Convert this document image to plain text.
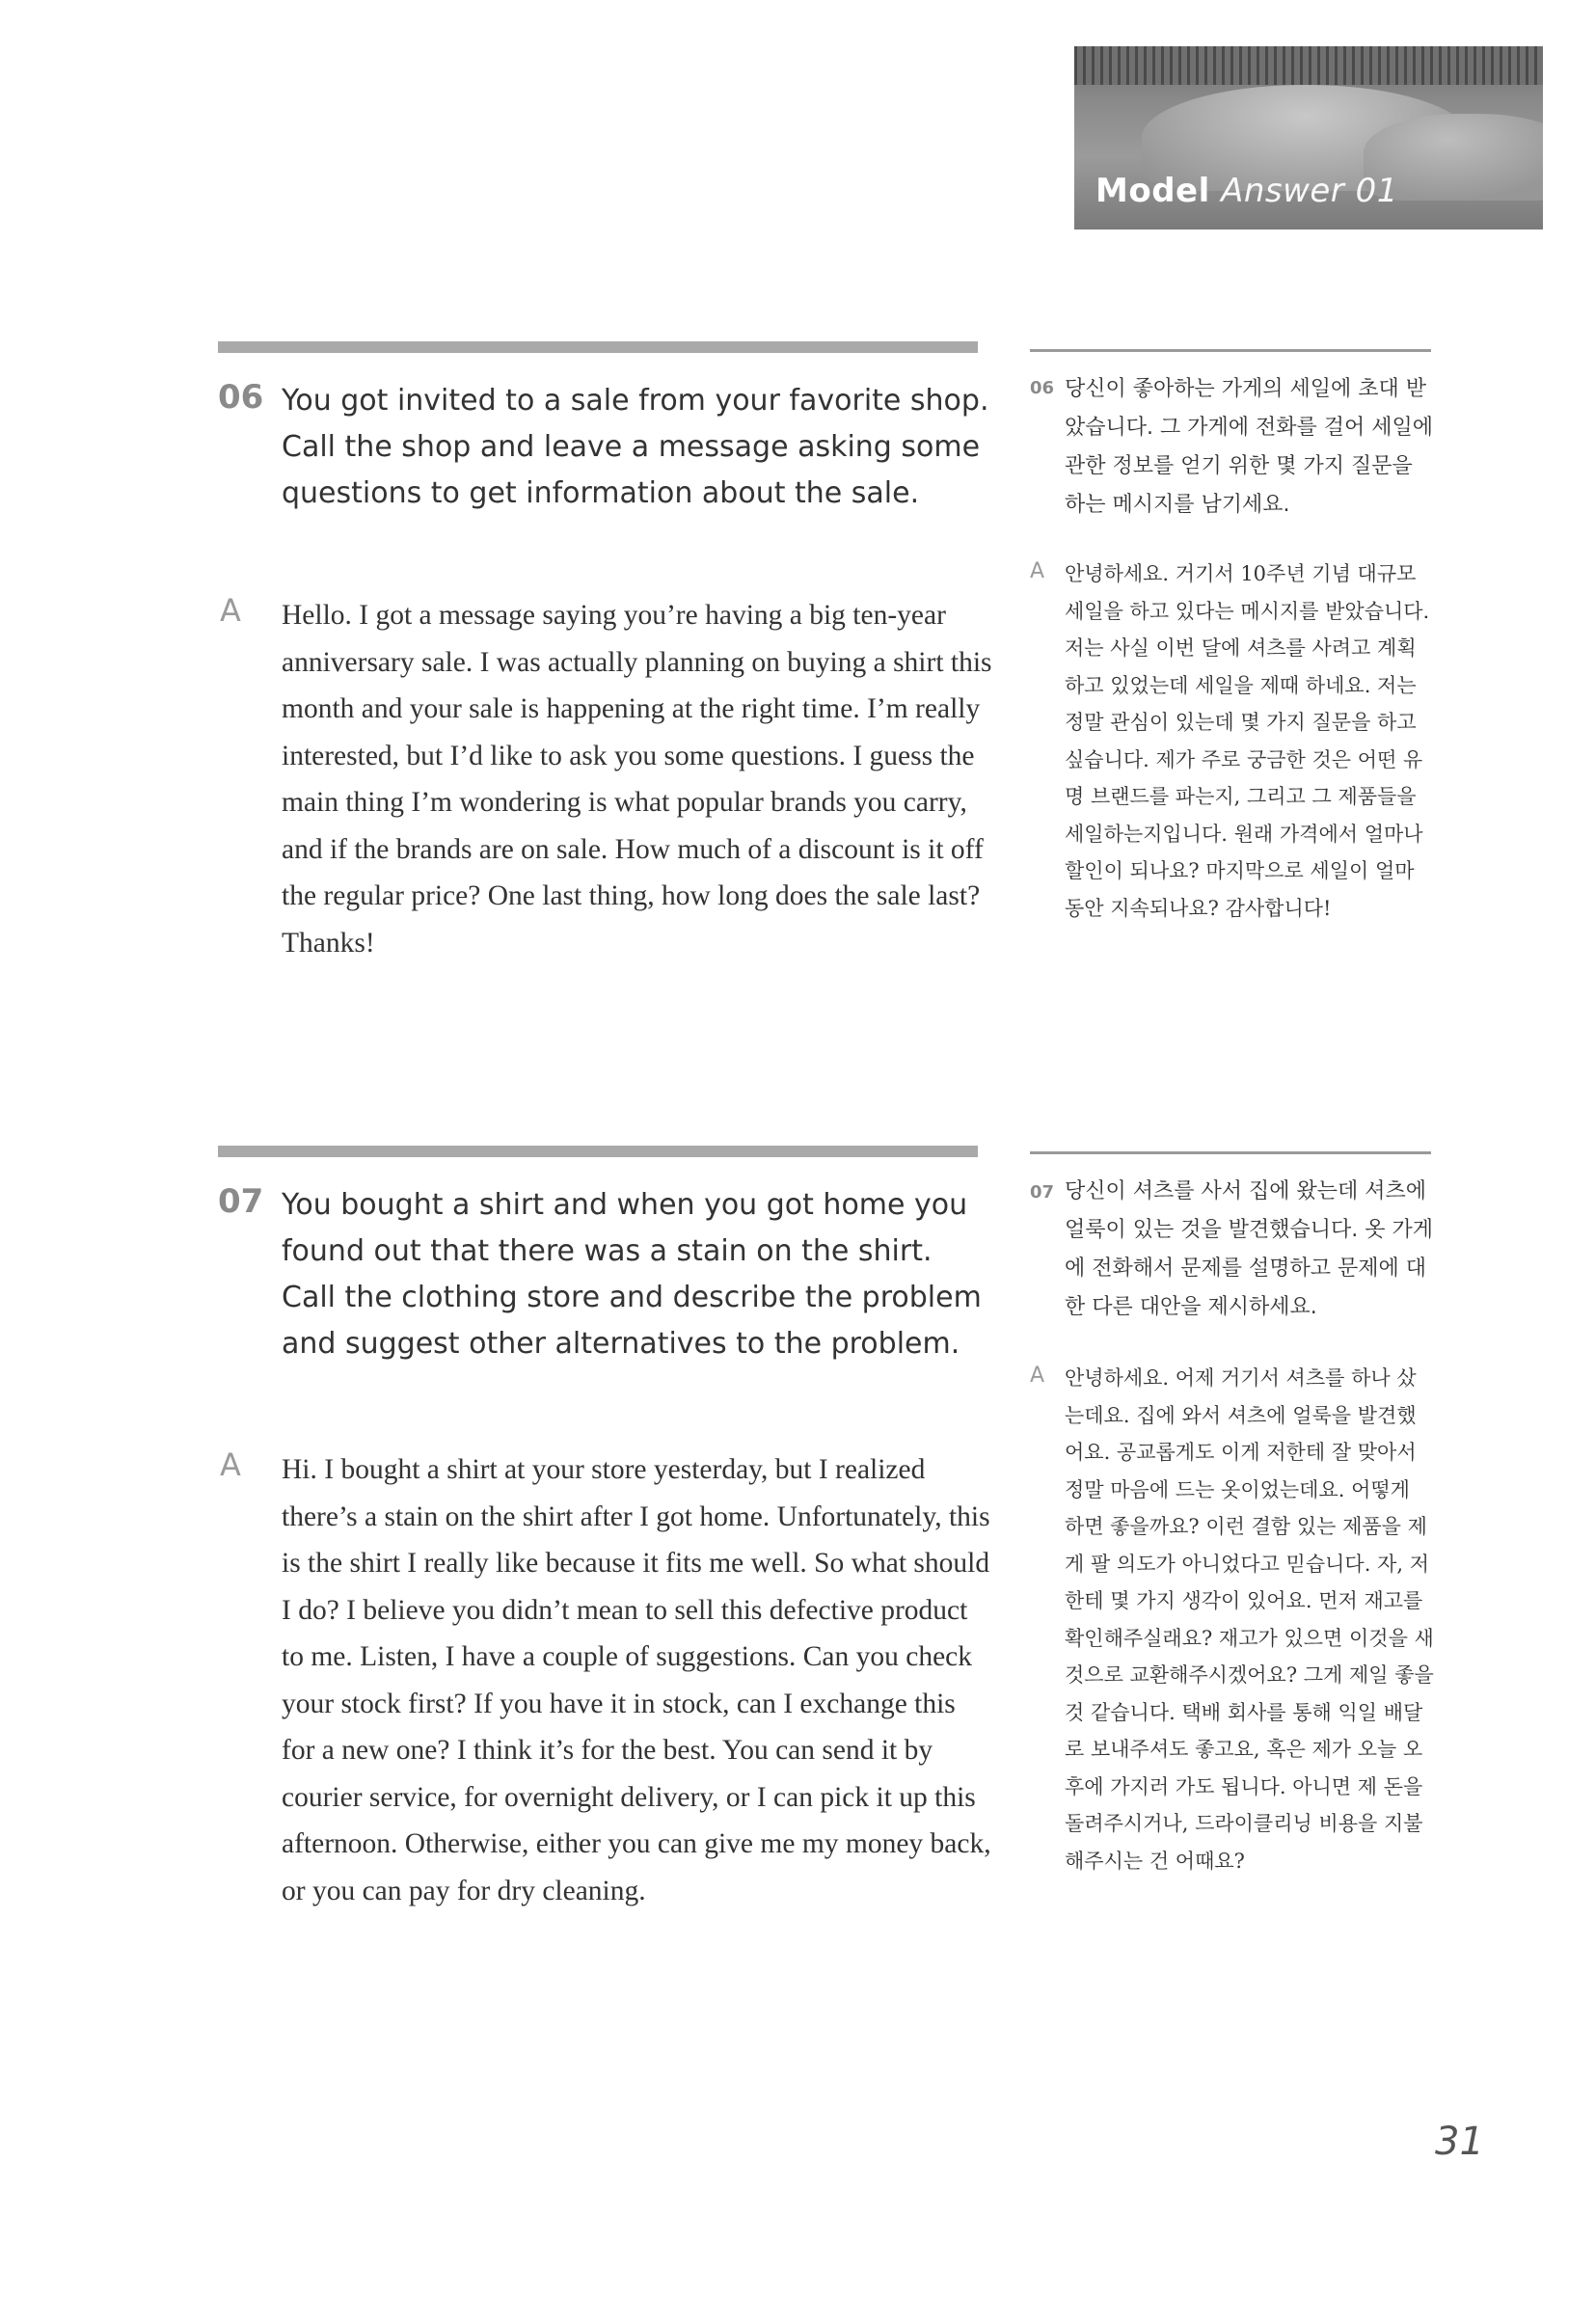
Model Answer 01
06 You got invited to a sale from your favorite shop. Call the shop and leave a message asking some questions to get information about the sale.
A Hello. I got a message saying you’re having a big ten-year anniversary sale. I was actually planning on buying a shirt this month and your sale is happening at the right time. I’m really interested, but I’d like to ask you some questions. I guess the main thing I’m wondering is what popular brands you carry, and if the brands are on sale. How much of a discount is it off the regular price? One last thing, how long does the sale last? Thanks!
06 당신이 좋아하는 가게의 세일에 초대 받았습니다. 그 가게에 전화를 걸어 세일에 관한 정보를 얻기 위한 몇 가지 질문을 하는 메시지를 남기세요.
A 안녕하세요. 거기서 10주년 기념 대규모 세일을 하고 있다는 메시지를 받았습니다. 저는 사실 이번 달에 셔츠를 사려고 계획하고 있었는데 세일을 제때 하네요. 저는 정말 관심이 있는데 몇 가지 질문을 하고 싶습니다. 제가 주로 궁금한 것은 어떤 유명 브랜드를 파는지, 그리고 그 제품들을 세일하는지입니다. 원래 가격에서 얼마나 할인이 되나요? 마지막으로 세일이 얼마 동안 지속되나요? 감사합니다!
07 You bought a shirt and when you got home you found out that there was a stain on the shirt. Call the clothing store and describe the problem and suggest other alternatives to the problem.
A Hi. I bought a shirt at your store yesterday, but I realized there’s a stain on the shirt after I got home. Unfortunately, this is the shirt I really like because it fits me well. So what should I do? I believe you didn’t mean to sell this defective product to me. Listen, I have a couple of suggestions. Can you check your stock first? If you have it in stock, can I exchange this for a new one? I think it’s for the best. You can send it by courier service, for overnight delivery, or I can pick it up this afternoon. Otherwise, either you can give me my money back, or you can pay for dry cleaning.
07 당신이 셔츠를 사서 집에 왔는데 셔츠에 얼룩이 있는 것을 발견했습니다. 옷 가게에 전화해서 문제를 설명하고 문제에 대한 다른 대안을 제시하세요.
A 안녕하세요. 어제 거기서 셔츠를 하나 샀는데요. 집에 와서 셔츠에 얼룩을 발견했어요. 공교롭게도 이게 저한테 잘 맞아서 정말 마음에 드는 옷이었는데요. 어떻게 하면 좋을까요? 이런 결함 있는 제품을 제게 팔 의도가 아니었다고 믿습니다. 자, 저한테 몇 가지 생각이 있어요. 먼저 재고를 확인해주실래요? 재고가 있으면 이것을 새것으로 교환해주시겠어요? 그게 제일 좋을 것 같습니다. 택배 회사를 통해 익일 배달로 보내주셔도 좋고요, 혹은 제가 오늘 오후에 가지러 가도 됩니다. 아니면 제 돈을 돌려주시거나, 드라이클리닝 비용을 지불해주시는 건 어때요?
31
